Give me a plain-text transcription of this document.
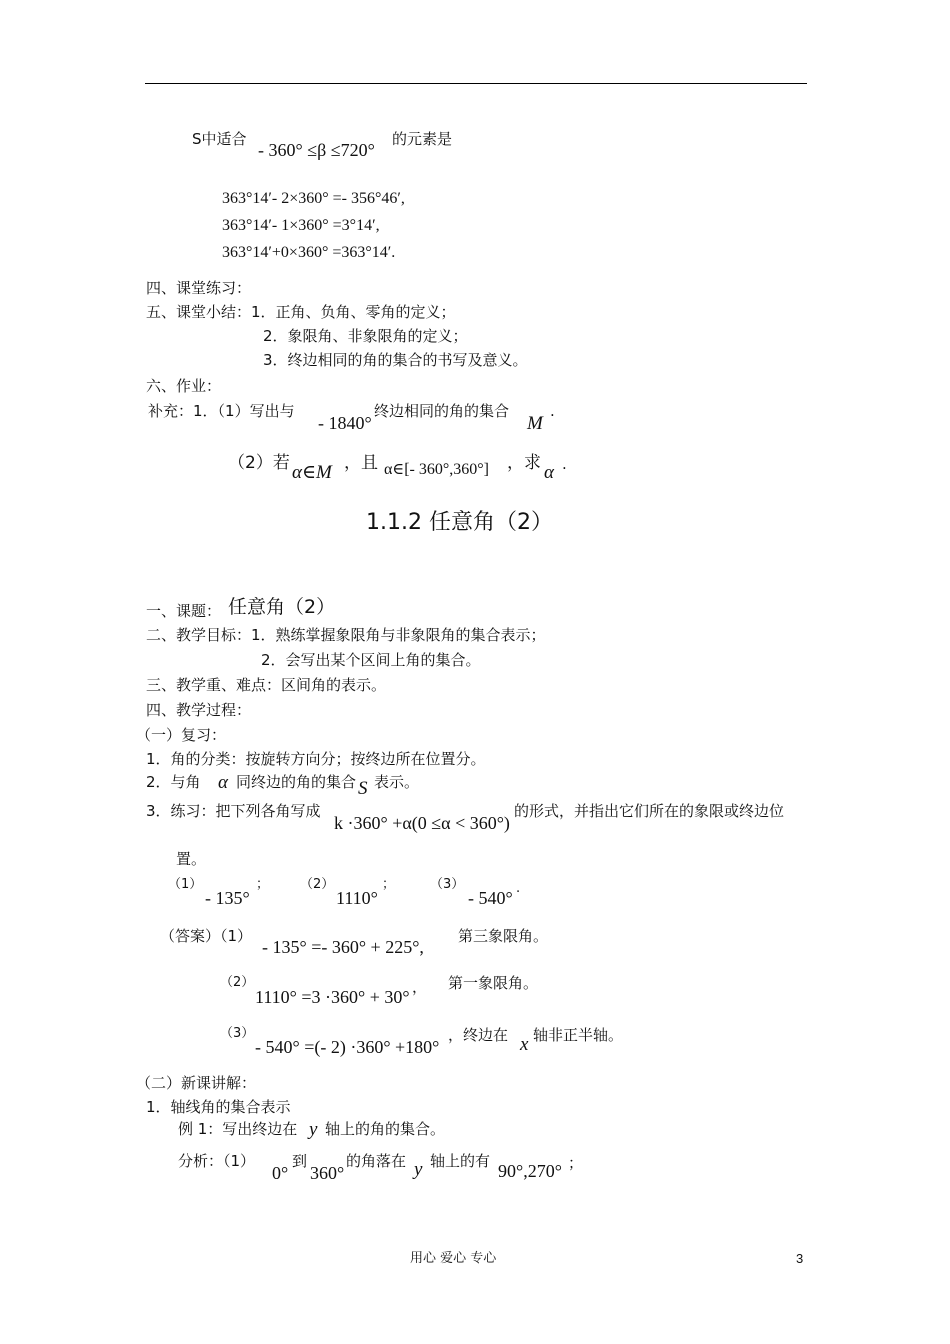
S中适合
- 360° ≤β ≤720°
的元素是
363°14′- 2×360° =- 356°46′,
363°14′- 1×360° =3°14′,
363°14′+0×360° =363°14′.
四、课堂练习：
五、课堂小结：1．正角、负角、零角的定义；
2．象限角、非象限角的定义；
3．终边相同的角的集合的书写及意义。
六、作业：
补充：1．（1）写出与
- 1840°
终边相同的角的集合
M
.
（2）若 α∈M ，且 α∈[- 360°,360°] ，求 α .
1.1.2 任意角（2）
一、课题： 任意角（2）
二、教学目标：1．熟练掌握象限角与非象限角的集合表示；
2．会写出某个区间上角的集合。
三、教学重、难点：区间角的表示。
四、教学过程：
（一）复习：
1．角的分类：按旋转方向分；按终边所在位置分。
2．与角 α 同终边的角的集合 S 表示。
3．练习：把下列各角写成
k ·360° +α(0 ≤α < 360°)
的形式，并指出它们所在的象限或终边位
置。
（1）
- 135°
； （2）
1110°
；	（3）
- 540° .
（答案）（1）
- 135° =- 360° + 225°,
第三象限角。
（2）
1110° =3 ·360° + 30° ， 第一象限角。
（3）
- 540° =(- 2) ·360° +180°
，终边在 x 轴非正半轴。
（二）新课讲解：
1．轴线角的集合表示
例 1：写出终边在 y 轴上的角的集合。
分析：（1）
0°
到
360°
的角落在 y 轴上的有 90°,270° ；
用心 爱心 专心	3
